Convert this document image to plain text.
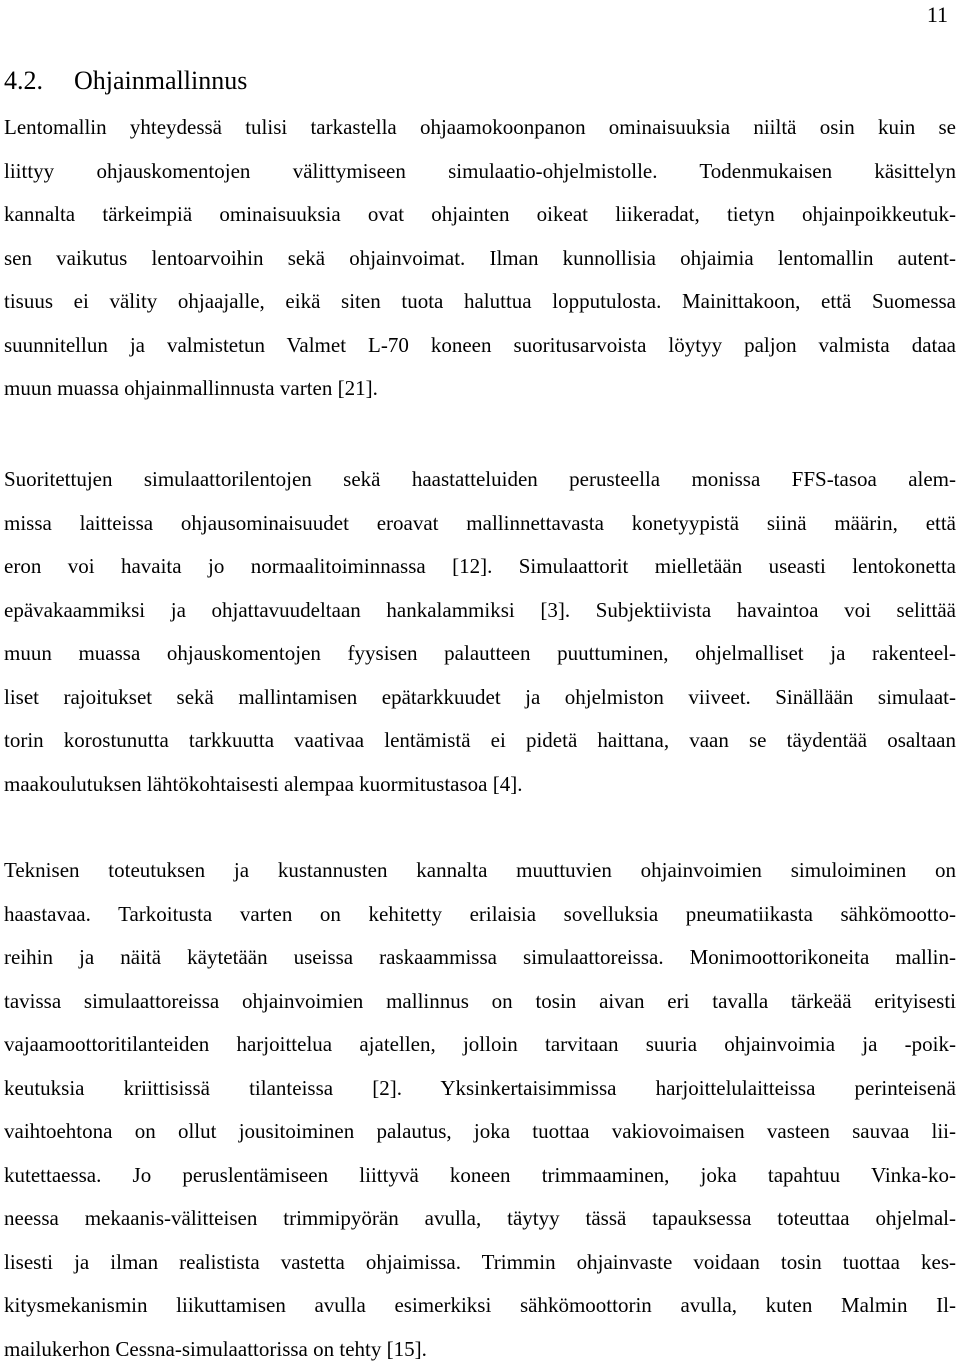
11
4.2. Ohjainmallinnus
Lentomallin yhteydessä tulisi tarkastella ohjaamokoonpanon ominaisuuksia niiltä osin kuin se
liittyy ohjauskomentojen välittymiseen simulaatio-ohjelmistolle. Todenmukaisen käsittelyn
kannalta tärkeimpiä ominaisuuksia ovat ohjainten oikeat liikeradat, tietyn ohjainpoikkeutuk-
sen vaikutus lentoarvoihin sekä ohjainvoimat. Ilman kunnollisia ohjaimia lentomallin autent-
tisuus ei välity ohjaajalle, eikä siten tuota haluttua lopputulosta. Mainittakoon, että Suomessa
suunnitellun ja valmistetun Valmet L-70 koneen suoritusarvoista löytyy paljon valmista dataa
muun muassa ohjainmallinnusta varten [21].
Suoritettujen simulaattorilentojen sekä haastatteluiden perusteella monissa FFS-tasoa alem-
missa laitteissa ohjausominaisuudet eroavat mallinnettavasta konetyypistä siinä määrin, että
eron voi havaita jo normaalitoiminnassa [12]. Simulaattorit mielletään useasti lentokonetta
epävakaammiksi ja ohjattavuudeltaan hankalammiksi [3]. Subjektiivista havaintoa voi selittää
muun muassa ohjauskomentojen fyysisen palautteen puuttuminen, ohjelmalliset ja rakenteel-
liset rajoitukset sekä mallintamisen epätarkkuudet ja ohjelmiston viiveet. Sinällään simulaat-
torin korostunutta tarkkuutta vaativaa lentämistä ei pidetä haittana, vaan se täydentää osaltaan
maakoulutuksen lähtökohtaisesti alempaa kuormitustasoa [4].
Teknisen toteutuksen ja kustannusten kannalta muuttuvien ohjainvoimien simuloiminen on
haastavaa. Tarkoitusta varten on kehitetty erilaisia sovelluksia pneumatiikasta sähkömootto-
reihin ja näitä käytetään useissa raskaammissa simulaattoreissa. Monimoottorikoneita mallin-
tavissa simulaattoreissa ohjainvoimien mallinnus on tosin aivan eri tavalla tärkeää erityisesti
vajaamoottoritilanteiden harjoittelua ajatellen, jolloin tarvitaan suuria ohjainvoimia ja -poik-
keutuksia kriittisissä tilanteissa [2]. Yksinkertaisimmissa harjoittelulaitteissa perinteisenä
vaihtoehtona on ollut jousitoiminen palautus, joka tuottaa vakiovoimaisen vasteen sauvaa lii-
kutettaessa. Jo peruslentämiseen liittyvä koneen trimmaaminen, joka tapahtuu Vinka-ko-
neessa mekaanis-välitteisen trimmipyörän avulla, täytyy tässä tapauksessa toteuttaa ohjelmal-
lisesti ja ilman realistista vastetta ohjaimissa. Trimmin ohjainvaste voidaan tosin tuottaa kes-
kitysmekanismin liikuttamisen avulla esimerkiksi sähkömoottorin avulla, kuten Malmin Il-
mailukerhon Cessna-simulaattorissa on tehty [15].
